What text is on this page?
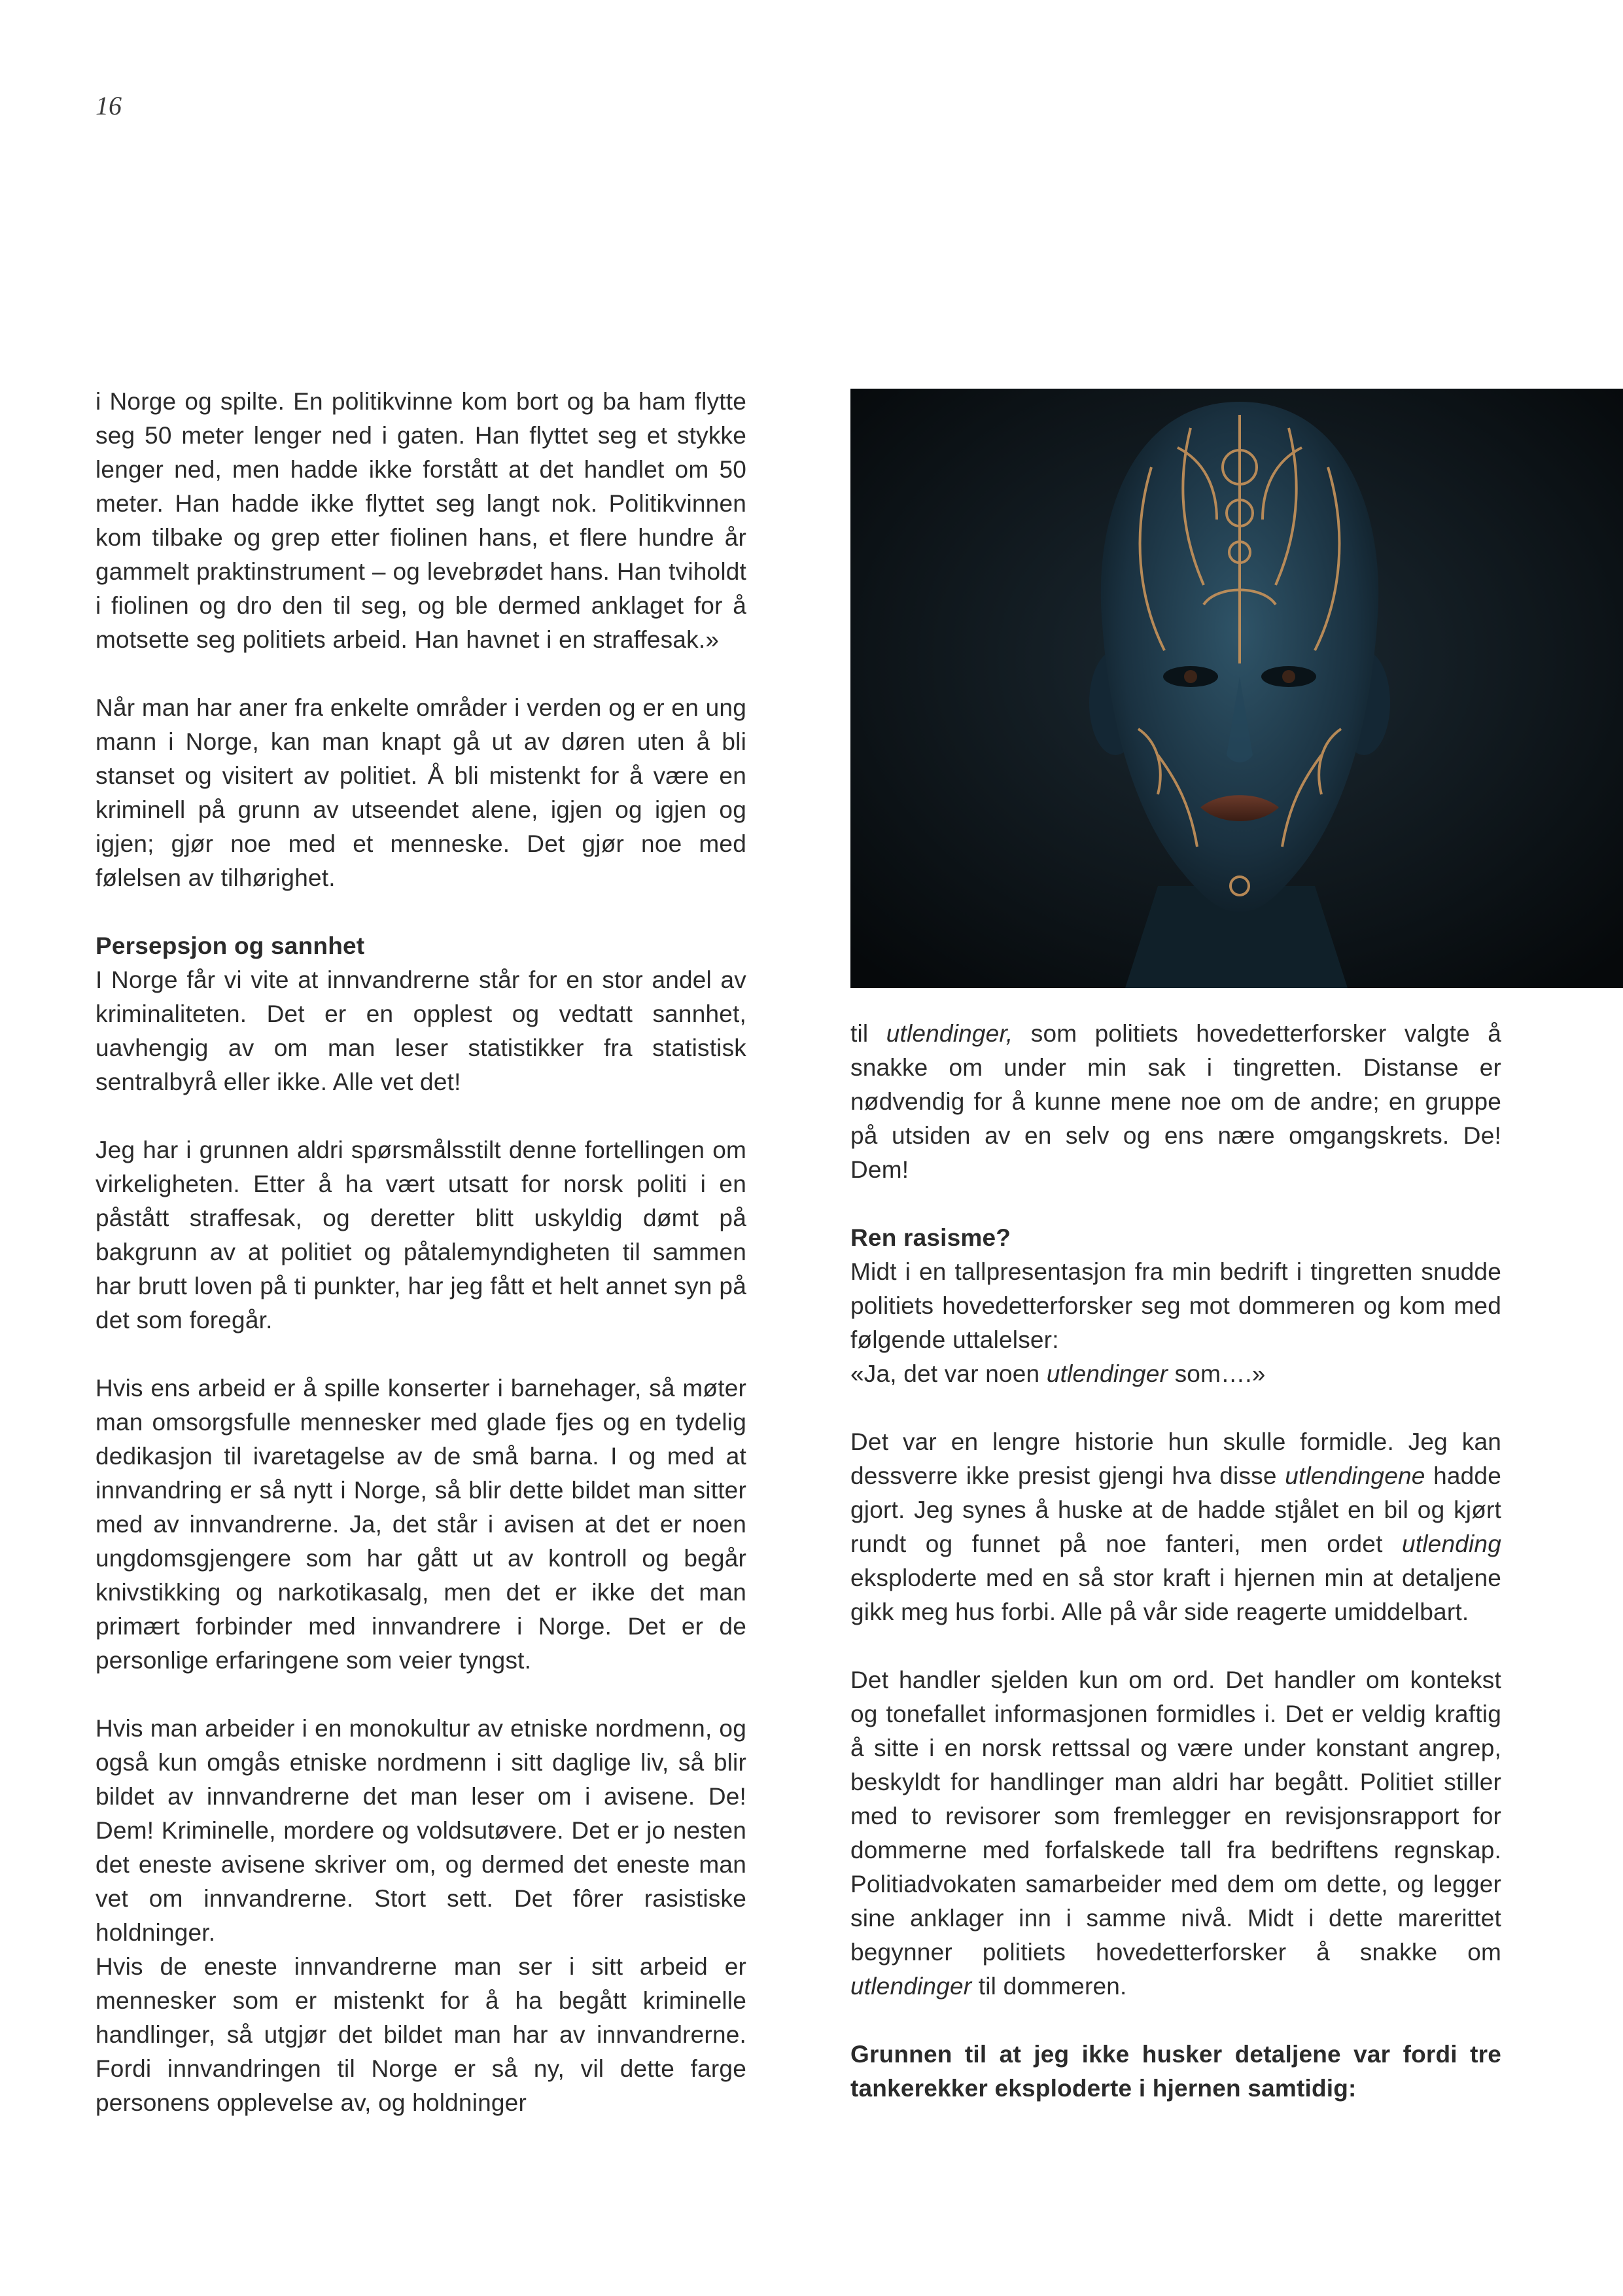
16

i Norge og spilte. En politikvinne kom bort og ba ham flytte seg 50 meter lenger ned i gaten. Han flyttet seg et stykke lenger ned, men hadde ikke forstått at det handlet om 50 meter. Han hadde ikke flyttet seg langt nok. Politikvinnen kom tilbake og grep etter fiolinen hans, et flere hundre år gammelt praktinstrument – og levebrødet hans. Han tviholdt i fiolinen og dro den til seg, og ble dermed anklaget for å motsette seg politiets arbeid. Han havnet i en straffesak.»

Når man har aner fra enkelte områder i verden og er en ung mann i Norge, kan man knapt gå ut av døren uten å bli stanset og visitert av politiet. Å bli mistenkt for å være en kriminell på grunn av utseendet alene, igjen og igjen og igjen; gjør noe med et menneske. Det gjør noe med følelsen av tilhørighet.

Persepsjon og sannhet

I Norge får vi vite at innvandrerne står for en stor andel av kriminaliteten. Det er en opplest og vedtatt sannhet, uavhengig av om man leser statistikker fra statistisk sentralbyrå eller ikke. Alle vet det!

Jeg har i grunnen aldri spørsmålsstilt denne fortellingen om virkeligheten. Etter å ha vært utsatt for norsk politi i en påstått straffesak, og deretter blitt uskyldig dømt på bakgrunn av at politiet og påtalemyndigheten til sammen har brutt loven på ti punkter, har jeg fått et helt annet syn på det som foregår.

Hvis ens arbeid er å spille konserter i barnehager, så møter man omsorgsfulle mennesker med glade fjes og en tydelig dedikasjon til ivaretagelse av de små barna. I og med at innvandring er så nytt i Norge, så blir dette bildet man sitter med av innvandrerne. Ja, det står i avisen at det er noen ungdomsgjengere som har gått ut av kontroll og begår knivstikking og narkotikasalg, men det er ikke det man primært forbinder med innvandrere i Norge. Det er de personlige erfaringene som veier tyngst.

Hvis man arbeider i en monokultur av etniske nordmenn, og også kun omgås etniske nordmenn i sitt daglige liv, så blir bildet av innvandrerne det man leser om i avisene. De! Dem! Kriminelle, mordere og voldsutøvere. Det er jo nesten det eneste avisene skriver om, og dermed det eneste man vet om innvandrerne. Stort sett. Det fôrer rasistiske holdninger.

Hvis de eneste innvandrerne man ser i sitt arbeid er mennesker som er mistenkt for å ha begått kriminelle handlinger, så utgjør det bildet man har av innvandrerne. Fordi innvandringen til Norge er så ny, vil dette farge personens opplevelse av, og holdninger

til utlendinger, som politiets hovedetterforsker valgte å snakke om under min sak i tingretten. Distanse er nødvendig for å kunne mene noe om de andre; en gruppe på utsiden av en selv og ens nære omgangskrets. De! Dem!

Ren rasisme?

Midt i en tallpresentasjon fra min bedrift i tingretten snudde politiets hovedetterforsker seg mot dommeren og kom med følgende uttalelser:

«Ja, det var noen utlendinger som….»

Det var en lengre historie hun skulle formidle. Jeg kan dessverre ikke presist gjengi hva disse utlendingene hadde gjort. Jeg synes å huske at de hadde stjålet en bil og kjørt rundt og funnet på noe fanteri, men ordet utlending eksploderte med en så stor kraft i hjernen min at detaljene gikk meg hus forbi. Alle på vår side reagerte umiddelbart.

Det handler sjelden kun om ord. Det handler om kontekst og tonefallet informasjonen formidles i. Det er veldig kraftig å sitte i en norsk rettssal og være under konstant angrep, beskyldt for handlinger man aldri har begått. Politiet stiller med to revisorer som fremlegger en revisjonsrapport for dommerne med forfalskede tall fra bedriftens regnskap. Politiadvokaten samarbeider med dem om dette, og legger sine anklager inn i samme nivå. Midt i dette marerittet begynner politiets hovedetterforsker å snakke om utlendinger til dommeren.

Grunnen til at jeg ikke husker detaljene var fordi tre tankerekker eksploderte i hjernen samtidig:
